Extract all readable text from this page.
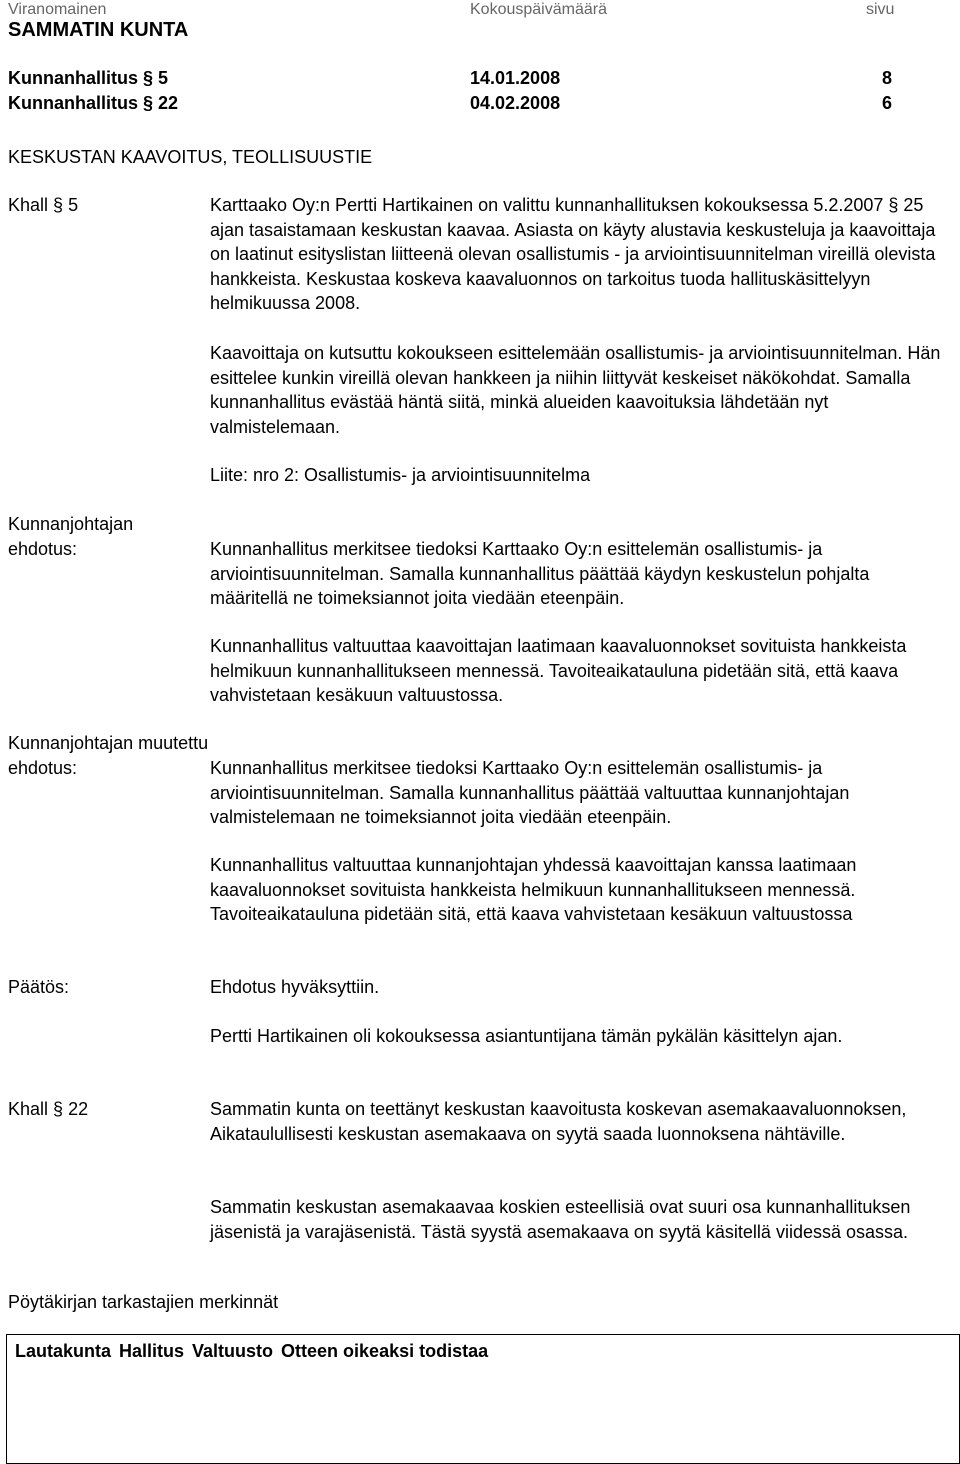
Viranomainen	Kokouspäivämäärä	sivu
SAMMATIN KUNTA
Kunnanhallitus § 5	14.01.2008	8
Kunnanhallitus § 22	04.02.2008	6
KESKUSTAN KAAVOITUS, TEOLLISUUSTIE
Khall § 5	Karttaako Oy:n Pertti Hartikainen on valittu kunnanhallituksen kokouksessa 5.2.2007 § 25 ajan tasaistamaan keskustan kaavaa. Asiasta on käyty alustavia keskusteluja ja kaavoittaja on laatinut esityslistan liitteenä olevan osallistumis - ja arviointisuunnitelman vireillä olevista hankkeista. Keskustaa koskeva kaavaluonnos on tarkoitus tuoda hallituskäsittelyyn helmikuussa 2008.
Kaavoittaja on kutsuttu kokoukseen esittelemään osallistumis- ja arviointisuunnitelman. Hän esittelee kunkin vireillä olevan hankkeen ja niihin liittyvät keskeiset näkökohdat. Samalla kunnanhallitus evästää häntä siitä, minkä alueiden kaavoituksia lähdetään nyt valmistelemaan.
Liite: nro 2: Osallistumis- ja arviointisuunnitelma
Kunnanjohtajan
ehdotus:	Kunnanhallitus merkitsee tiedoksi Karttaako Oy:n esittelemän osallistumis- ja arviointisuunnitelman. Samalla kunnanhallitus päättää käydyn keskustelun pohjalta määritellä ne toimeksiannot joita viedään eteenpäin.
Kunnanhallitus valtuuttaa kaavoittajan laatimaan kaavaluonnokset sovituista hankkeista helmikuun kunnanhallitukseen mennessä. Tavoiteaikatauluna pidetään sitä, että kaava vahvistetaan kesäkuun valtuustossa.
Kunnanjohtajan muutettu
ehdotus:	Kunnanhallitus merkitsee tiedoksi Karttaako Oy:n esittelemän osallistumis- ja arviointisuunnitelman. Samalla kunnanhallitus päättää valtuuttaa kunnanjohtajan valmistelemaan ne toimeksiannot joita viedään eteenpäin.
Kunnanhallitus valtuuttaa kunnanjohtajan yhdessä kaavoittajan kanssa laatimaan kaavaluonnokset sovituista hankkeista helmikuun kunnanhallitukseen mennessä. Tavoiteaikatauluna pidetään sitä, että kaava vahvistetaan kesäkuun valtuustossa
Päätös:	Ehdotus hyväksyttiin.
Pertti Hartikainen oli kokouksessa asiantuntijana tämän pykälän käsittelyn ajan.
Khall § 22	Sammatin kunta on teettänyt keskustan kaavoitusta koskevan asemakaavaluonnoksen, Aikataulullisesti keskustan asemakaava on syytä saada luonnoksena nähtäville.
Sammatin keskustan asemakaavaa koskien esteellisiä ovat suuri osa kunnanhallituksen jäsenistä ja varajäsenistä. Tästä syystä asemakaava on syytä käsitellä viidessä osassa.
Pöytäkirjan tarkastajien merkinnät
Lautakunta	Hallitus	Valtuusto	Otteen oikeaksi todistaa
